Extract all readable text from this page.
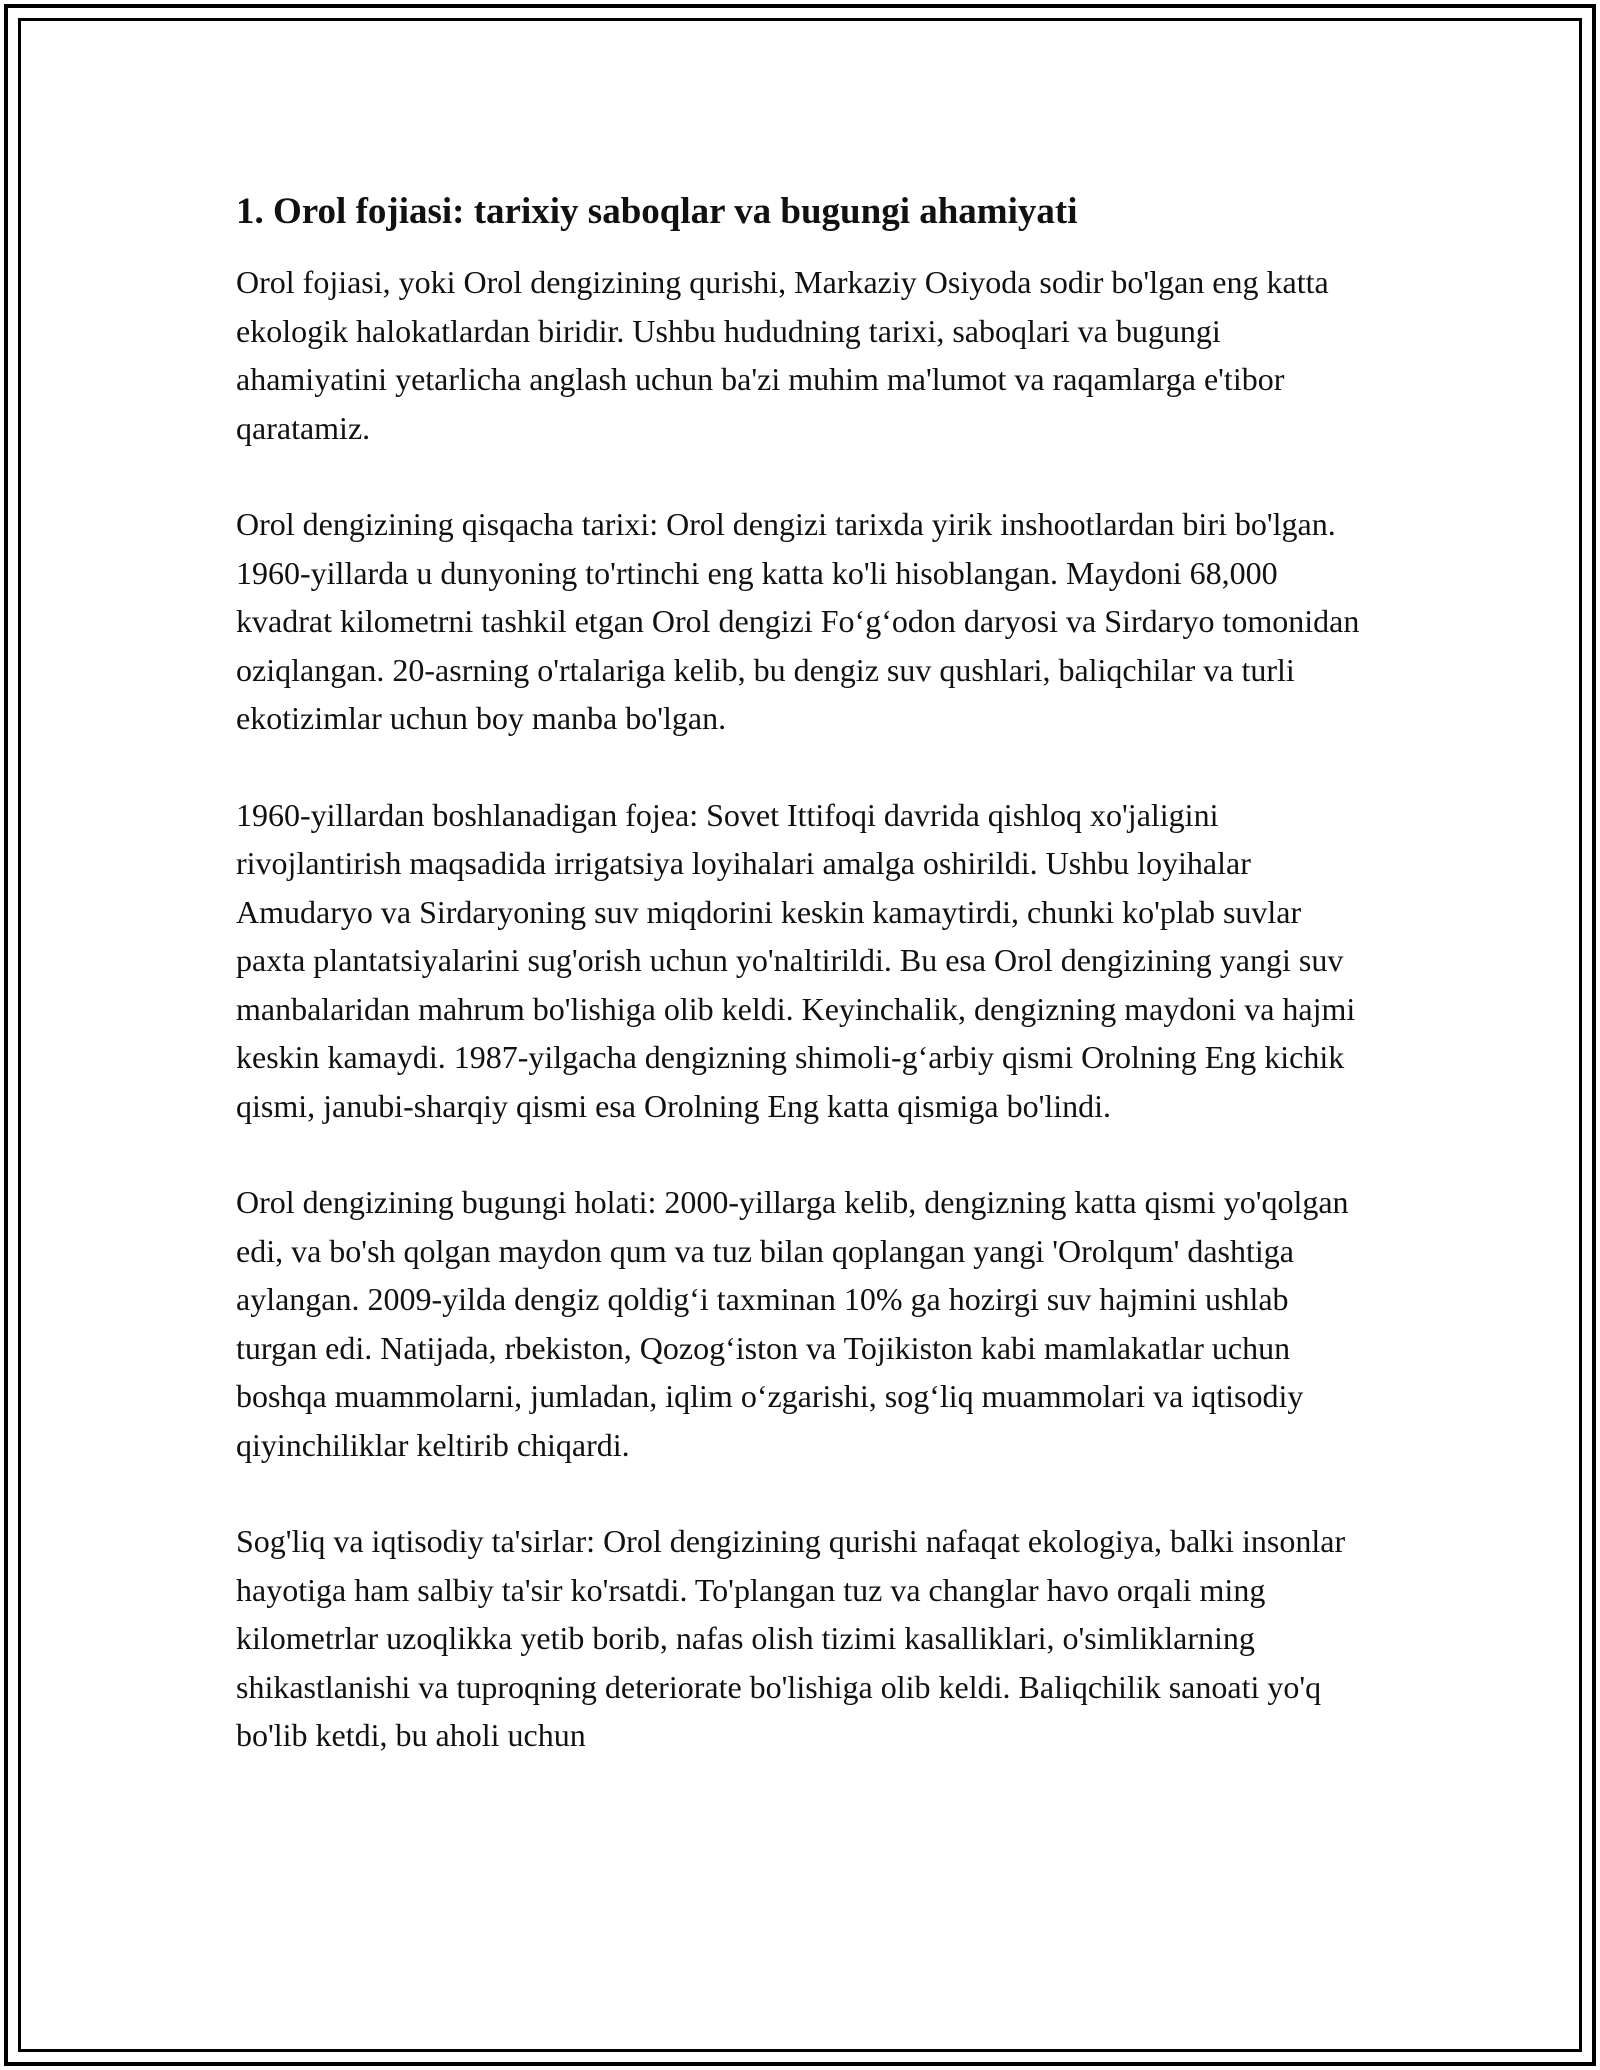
1. Orol fojiasi: tarixiy saboqlar va bugungi ahamiyati

Orol fojiasi, yoki Orol dengizining qurishi, Markaziy Osiyoda sodir bo'lgan eng katta ekologik halokatlardan biridir. Ushbu hududning tarixi, saboqlari va bugungi ahamiyatini yetarlicha anglash uchun ba'zi muhim ma'lumot va raqamlarga e'tibor qaratamiz.

Orol dengizining qisqacha tarixi: Orol dengizi tarixda yirik inshootlardan biri bo'lgan. 1960-yillarda u dunyoning to'rtinchi eng katta ko'li hisoblangan. Maydoni 68,000 kvadrat kilometrni tashkil etgan Orol dengizi Fo‘g‘odon daryosi va Sirdaryo tomonidan oziqlangan. 20-asrning o'rtalariga kelib, bu dengiz suv qushlari, baliqchilar va turli ekotizimlar uchun boy manba bo'lgan.

1960-yillardan boshlanadigan fojea: Sovet Ittifoqi davrida qishloq xo'jaligini rivojlantirish maqsadida irrigatsiya loyihalari amalga oshirildi. Ushbu loyihalar Amudaryo va Sirdaryoning suv miqdorini keskin kamaytirdi, chunki ko'plab suvlar paxta plantatsiyalarini sug'orish uchun yo'naltirildi. Bu esa Orol dengizining yangi suv manbalaridan mahrum bo'lishiga olib keldi. Keyinchalik, dengizning maydoni va hajmi keskin kamaydi. 1987-yilgacha dengizning shimoli-g‘arbiy qismi Orolning Eng kichik qismi, janubi-sharqiy qismi esa Orolning Eng katta qismiga bo'lindi.

Orol dengizining bugungi holati: 2000-yillarga kelib, dengizning katta qismi yo'qolgan edi, va bo'sh qolgan maydon qum va tuz bilan qoplangan yangi 'Orolqum' dashtiga aylangan. 2009-yilda dengiz qoldig‘i taxminan 10% ga hozirgi suv hajmini ushlab turgan edi. Natijada, rbekiston, Qozog‘iston va Tojikiston kabi mamlakatlar uchun boshqa muammolarni, jumladan, iqlim o‘zgarishi, sog‘liq muammolari va iqtisodiy qiyinchiliklar keltirib chiqardi.

Sog'liq va iqtisodiy ta'sirlar: Orol dengizining qurishi nafaqat ekologiya, balki insonlar hayotiga ham salbiy ta'sir ko'rsatdi. To'plangan tuz va changlar havo orqali ming kilometrlar uzoqlikka yetib borib, nafas olish tizimi kasalliklari, o'simliklarning shikastlanishi va tuproqning deteriorate bo'lishiga olib keldi. Baliqchilik sanoati yo'q bo'lib ketdi, bu aholi uchun
